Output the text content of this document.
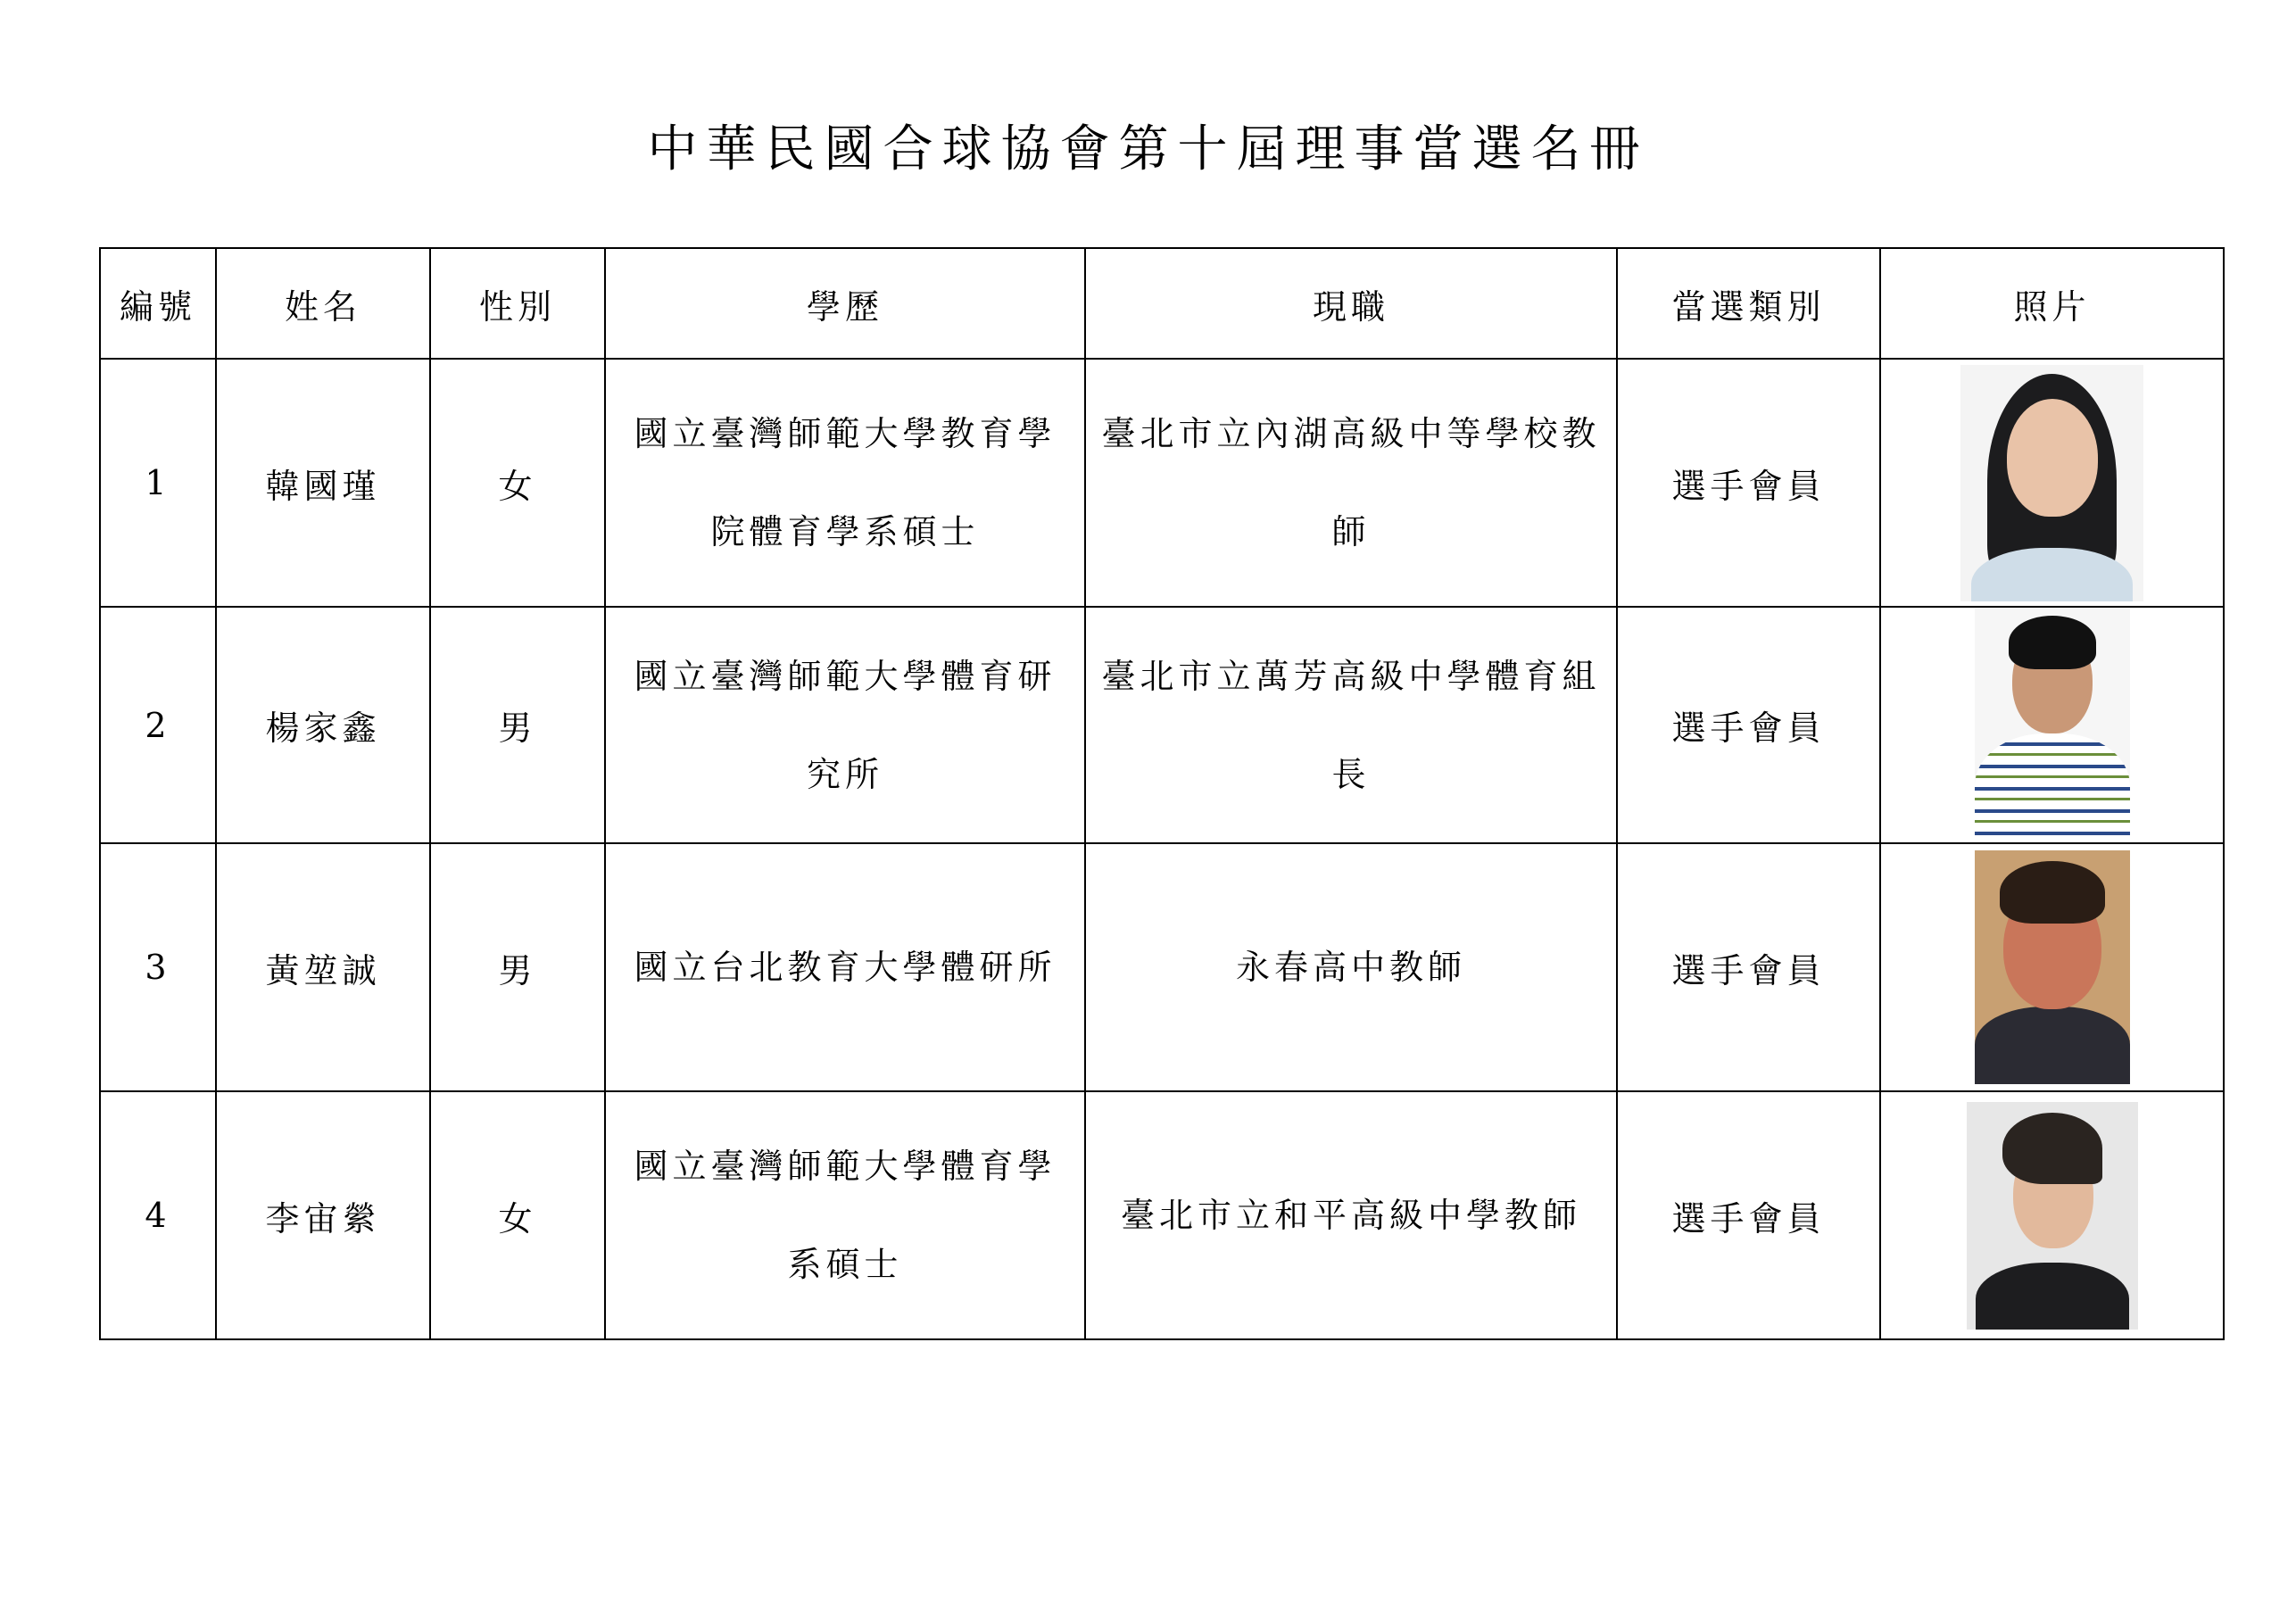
中華民國合球協會第十屆理事當選名冊
編號	姓名	性別	學歷	現職	當選類別	照片
1	韓國瑾	女	國立臺灣師範大學教育學院體育學系碩士	臺北市立內湖高級中等學校教師	選手會員	

2	楊家鑫	男	國立臺灣師範大學體育研究所	臺北市立萬芳高級中學體育組長	選手會員	

3	黃堃誠	男	國立台北教育大學體研所	永春高中教師	選手會員	

4	李宙縈	女	國立臺灣師範大學體育學系碩士	臺北市立和平高級中學教師	選手會員	
